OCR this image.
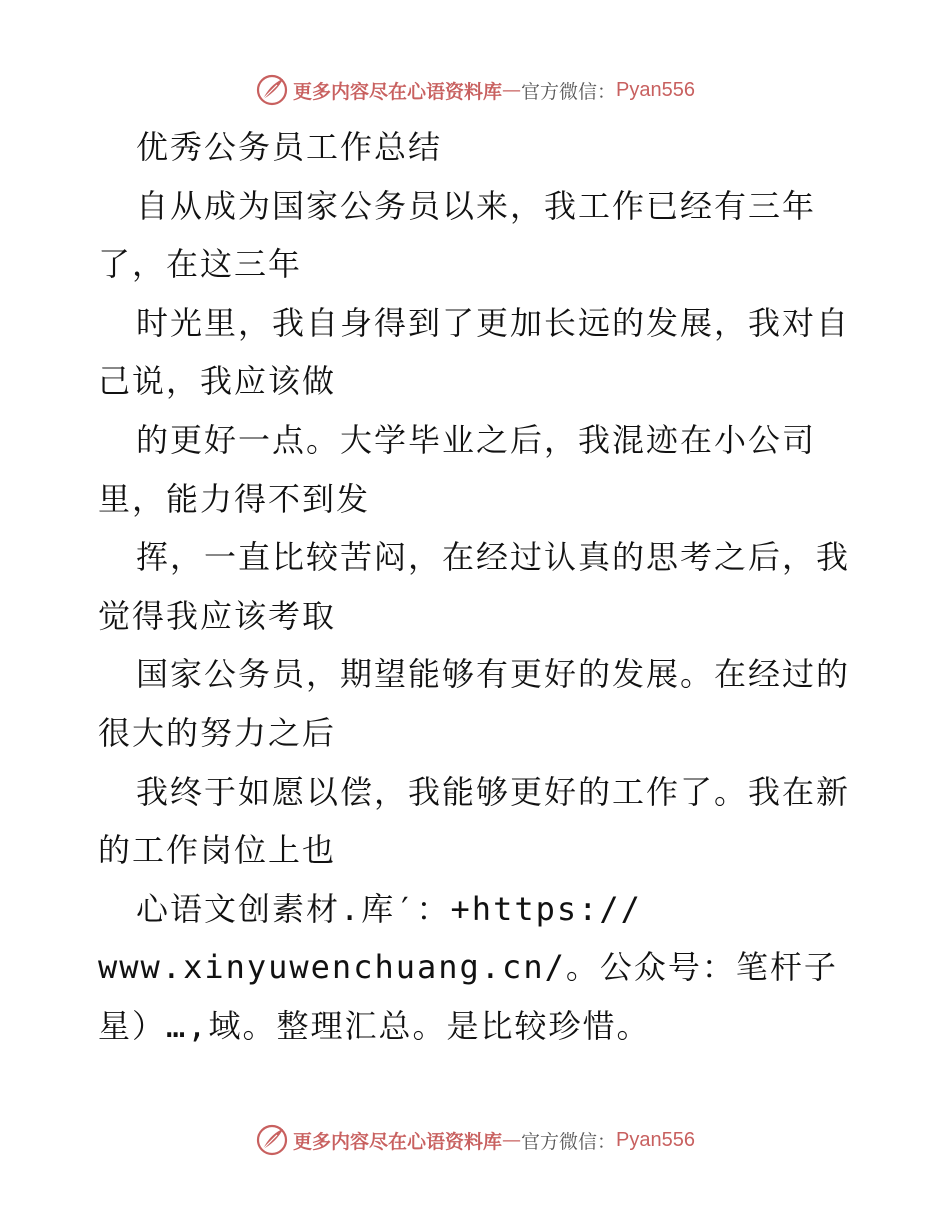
更多内容尽在心语资料库 — 官方微信： Pyan556
优秀公务员工作总结
自从成为国家公务员以来，我工作已经有三年
了，在这三年
时光里，我自身得到了更加长远的发展，我对自
己说，我应该做
的更好一点。大学毕业之后，我混迹在小公司
里，能力得不到发
挥，一直比较苦闷，在经过认真的思考之后，我
觉得我应该考取
国家公务员，期望能够有更好的发展。在经过的
很大的努力之后
我终于如愿以偿，我能够更好的工作了。我在新
的工作岗位上也
心语文创素材.库′：+https://
www.xinyuwenchuang.cn/。公众号：笔杆子
星）…,域。整理汇总。是比较珍惜。
更多内容尽在心语资料库 — 官方微信： Pyan556
